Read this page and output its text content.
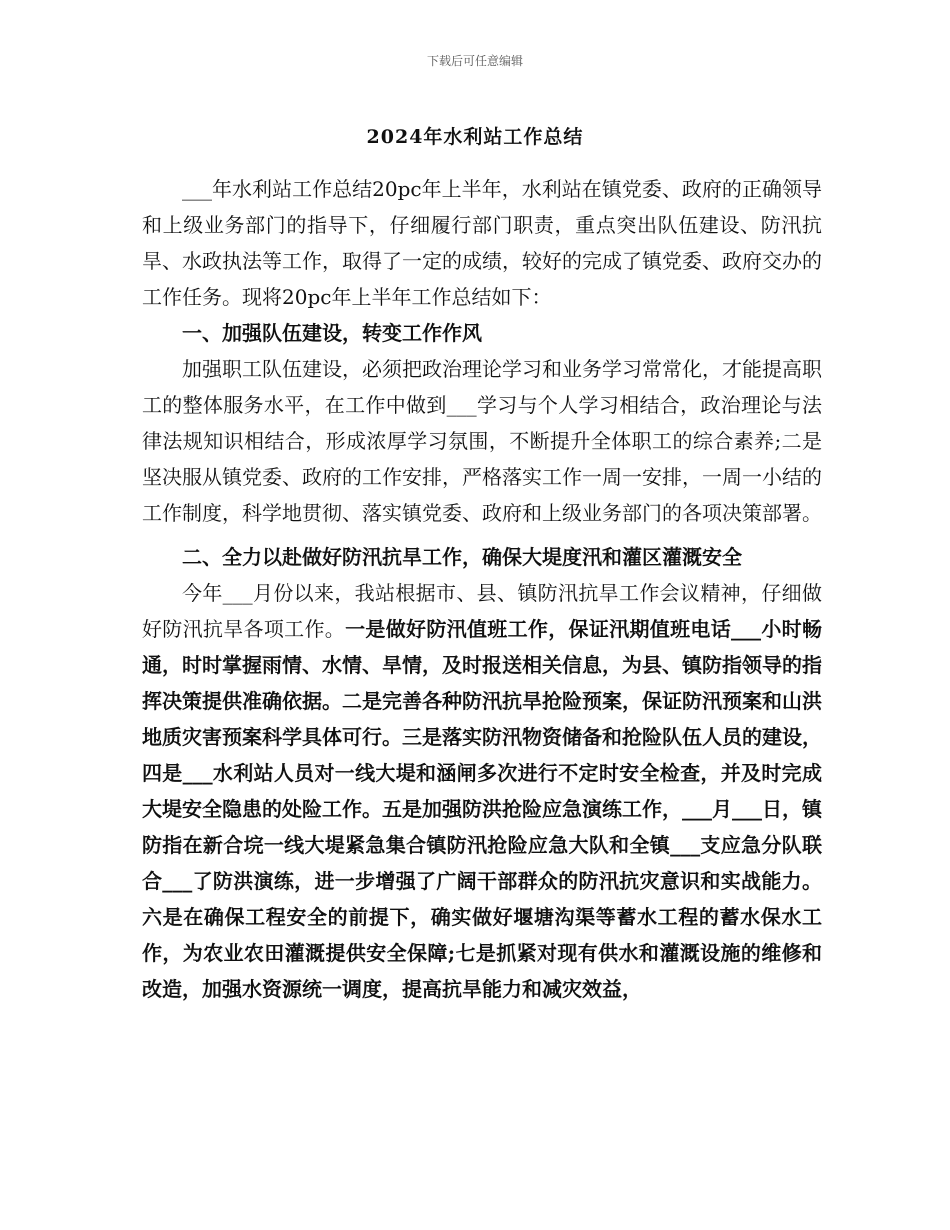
下载后可任意编辑
2024年水利站工作总结

___年水利站工作总结20pc年上半年，水利站在镇党委、政府的正确领导和上级业务部门的指导下，仔细履行部门职责，重点突出队伍建设、防汛抗旱、水政执法等工作，取得了一定的成绩，较好的完成了镇党委、政府交办的工作任务。现将20pc年上半年工作总结如下：

一、加强队伍建设，转变工作作风

加强职工队伍建设，必须把政治理论学习和业务学习常常化，才能提高职工的整体服务水平，在工作中做到___学习与个人学习相结合，政治理论与法律法规知识相结合，形成浓厚学习氛围，不断提升全体职工的综合素养;二是坚决服从镇党委、政府的工作安排，严格落实工作一周一安排，一周一小结的工作制度，科学地贯彻、落实镇党委、政府和上级业务部门的各项决策部署。

二、全力以赴做好防汛抗旱工作，确保大堤度汛和灌区灌溉安全

今年___月份以来，我站根据市、县、镇防汛抗旱工作会议精神，仔细做好防汛抗旱各项工作。一是做好防汛值班工作，保证汛期值班电话___小时畅通，时时掌握雨情、水情、旱情，及时报送相关信息，为县、镇防指领导的指挥决策提供准确依据。二是完善各种防汛抗旱抢险预案，保证防汛预案和山洪地质灾害预案科学具体可行。三是落实防汛物资储备和抢险队伍人员的建设，四是___水利站人员对一线大堤和涵闸多次进行不定时安全检查，并及时完成大堤安全隐患的处险工作。五是加强防洪抢险应急演练工作，___月___日，镇防指在新合垸一线大堤紧急集合镇防汛抢险应急大队和全镇___支应急分队联合___了防洪演练，进一步增强了广阔干部群众的防汛抗灾意识和实战能力。六是在确保工程安全的前提下，确实做好堰塘沟渠等蓄水工程的蓄水保水工作，为农业农田灌溉提供安全保障;七是抓紧对现有供水和灌溉设施的维修和改造，加强水资源统一调度，提高抗旱能力和减灾效益，
